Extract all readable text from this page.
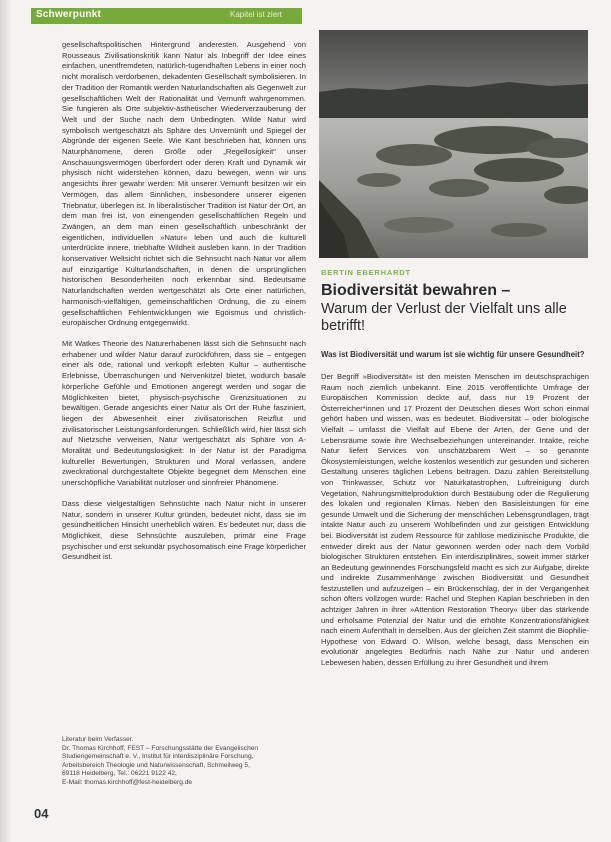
Schwerpunkt	Kapitel ist ziert

gesellschaftspolitischen Hintergrund anderesten. Ausgehend von Rousseaus Zivilisationskritik kann Natur als Inbegriff der Idee eines einfachen, unentfremdeten, natürlich-tugendhaften Lebens in einer noch nicht moralisch verdorbenen, dekadenten Gesellschaft symbolisieren. In der Tradition der Romantik werden Naturlandschaften als Gegenwelt zur gesellschaftlichen Welt der Rationalität und Vernunft wahrgenommen. Sie fungieren als Orte subjektiv-ästhetischer Wiederverzauberung der Welt und der Suche nach dem Unbedingten. Wilde Natur wird symbolisch wertgeschätzt als Sphäre des Unvernünft und Spiegel der Abgründe der eigenen Seele. Wie Kant beschrieben hat, können uns Naturphänomene, deren Größe oder „Regellosigkeit" unser Anschauungsvermögen überfordert oder deren Kraft und Dynamik wir physisch nicht widerstehen können, dazu bewegen, wenn wir uns angesichts ihrer gewahr werden: Mit unserer Vernunft besitzen wir ein Vermögen, das allem Sinnlichen, insbesondere unserer eigenen Triebnatur, überlegen ist. In liberalistischer Tradition ist Natur der Ort, an dem man frei ist, von einengenden gesellschaftlichen Regeln und Zwängen, an dem man einen gesellschaftlich unbeschränkt der eigentlichen, individuellen »Natur« leben und auch die kulturell unterdrückte innere, triebhafte Wildheit ausleben kann. In der Tradition konservativer Weltsicht richtet sich die Sehnsucht nach Natur vor allem auf einzigartige Kulturlandschaften, in denen die ursprünglichen historischen Besonderheiten noch erkennbar sind. Bedeutsame Naturlandschaften werden wertgeschätzt als Orte einer natürlichen, harmonisch-vielfältigen, gemeinschaftlichen Ordnung, die zu einem gesellschaftlichen Fehlentwicklungen wie Egoismus und christlich-europäischer Ordnung entgegenwirkt.

Mit Watkes Theorie des Naturerhabenen lässt sich die Sehnsucht nach erhabener und wilder Natur darauf zurückführen, dass sie – entgegen einer als öde, rational und verkopft erlebten Kultur – authentische Erlebnisse, Überraschungen und Nervenkitzel bietet, wodurch basale körperliche Gefühle und Emotionen angeregt werden und sogar die Möglichkeiten bietet, physisch-psychische Grenzsituationen zu bewältigen. Gerade angesichts einer Natur als Ort der Ruhe fasziniert, liegen der Abwesenheit einer zivilisatorischen Reizflut und zivilisatorischer Leistungsanforderungen. Schließlich wird, hier lässt sich auf Nietzsche verweisen, Natur wertgeschätzt als Sphäre von A-Moralität und Bedeutungslosigkeit: In der Natur ist der Paradigma kultureller Bewertungen, Strukturen und Moral verlassen, andere zweckrational durchgestaltete Objekte begegnet dem Menschen eine unerschöpfliche Variabilität nutzloser und sinnfreier Phänomene.

Dass diese vielgestaltigen Sehnsüchte nach Natur nicht in unserer Natur, sondern in unserer Kultur gründen, bedeutet nicht, dass sie im gesundheitlichen Hinsicht unerheblich wären. Es bedeutet nur, dass die Möglichkeit, diese Sehnsüchte auszuleben, primär eine Frage psychischer und erst sekundär psychosomatisch eine Frage körperlicher Gesundheit ist.

Literatur beim Verfasser.
Dr. Thomas Kirchhoff, FEST – Forschungsstätte der Evangelischen
Studiengemeinschaft e. V., Institut für interdisziplinäre Forschung,
Arbeitsbereich Theologie und Naturwissenschaft, Schmeilweg 5,
69118 Heidelberg, Tel.: 06221 9122 42,
E-Mail: thomas.kirchhoff@fest-heidelberg.de
04
BERTIN EBERHARDT
Biodiversität bewahren –
Warum der Verlust der Vielfalt uns alle betrifft!
Was ist Biodiversität und warum ist sie wichtig für unsere Gesundheit?
Der Begriff »Biodiversität« ist den meisten Menschen im deutschsprachigen Raum noch ziemlich unbekannt. Eine 2015 veröffentlichte Umfrage der Europäischen Kommission deckte auf, dass nur 19 Prozent der Österreicher*innen und 17 Prozent der Deutschen dieses Wort schon einmal gehört haben und wissen, was es bedeutet. Biodiversität – oder biologische Vielfalt – umfasst die Vielfalt auf Ebene der Arten, der Gene und der Lebensräume sowie ihre Wechselbeziehungen untereinander. Intakte, reiche Natur liefert Services von unschätzbarem Wert – so genannte Ökosystemleistungen, welche kostenlos wesentlich zur gesunden und sicheren Gestaltung unseres täglichen Lebens beitragen. Dazu zählen Bereitstellung von Trinkwasser, Schutz vor Naturkatastrophen, Luftreinigung durch Vegetation, Nahrungsmittelproduktion durch Bestäubung oder die Regulierung des lokalen und regionalen Klimas. Neben den Basisleistungen für eine gesunde Umwelt und die Sicherung der menschlichen Lebensgrundlagen, trägt intakte Natur auch zu unserem Wohlbefinden und zur geistigen Entwicklung bei. Biodiversität ist zudem Ressource für zahllose medizinische Produkte, die entweder direkt aus der Natur gewonnen werden oder nach dem Vorbild biologischer Strukturen entstehen. Ein interdisziplinäres, soweit immer stärker an Bedeutung gewinnendes Forschungsfeld macht es sich zur Aufgabe, direkte und indirekte Zusammenhänge zwischen Biodiversität und Gesundheit festzustellen und aufzuzeigen – ein Brückenschlag, der in der Vergangenheit schon öfters vollzogen wurde: Rachel und Stephen Kaplan beschrieben in den achtziger Jahren in ihrer »Attention Restoration Theory« über das stärkende und erholsame Potenzial der Natur und die erhöhte Konzentrationsfähigkeit nach einem Aufenthalt in derselben. Aus der gleichen Zeit stammt die Biophilie-Hypothese von Edward O. Wilson, welche besagt, dass Menschen ein evolutionär angelegtes Bedürfnis nach Nähe zur Natur und anderen Lebewesen haben, dessen Erfüllung zu ihrer Gesundheit und ihrem
